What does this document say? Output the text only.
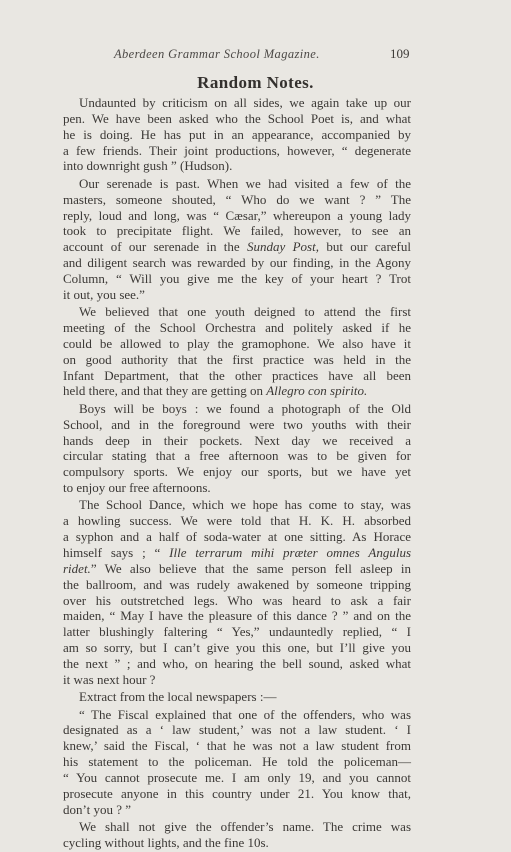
Aberdeen Grammar School Magazine.	109
Random Notes.
Undaunted by criticism on all sides, we again take up our
pen. We have been asked who the School Poet is, and what
he is doing. He has put in an appearance, accompanied by
a few friends. Their joint productions, however, “ degenerate
into downright gush ” (Hudson).
Our serenade is past. When we had visited a few of the
masters, someone shouted, “ Who do we want ? ” The
reply, loud and long, was “ Cæsar,” whereupon a young lady
took to precipitate flight. We failed, however, to see an
account of our serenade in the Sunday Post, but our careful
and diligent search was rewarded by our finding, in the Agony
Column, “ Will you give me the key of your heart ? Trot
it out, you see.”
We believed that one youth deigned to attend the first
meeting of the School Orchestra and politely asked if he
could be allowed to play the gramophone. We also have it
on good authority that the first practice was held in the
Infant Department, that the other practices have all been
held there, and that they are getting on Allegro con spirito.
Boys will be boys : we found a photograph of the Old
School, and in the foreground were two youths with their
hands deep in their pockets. Next day we received a
circular stating that a free afternoon was to be given for
compulsory sports. We enjoy our sports, but we have yet
to enjoy our free afternoons.
The School Dance, which we hope has come to stay, was
a howling success. We were told that H. K. H. absorbed
a syphon and a half of soda-water at one sitting. As Horace
himself says ; “ Ille terrarum mihi præter omnes Angulus
ridet.” We also believe that the same person fell asleep in
the ballroom, and was rudely awakened by someone tripping
over his outstretched legs. Who was heard to ask a fair
maiden, “ May I have the pleasure of this dance ? ” and on the
latter blushingly faltering “ Yes,” undauntedly replied, “ I
am so sorry, but I can’t give you this one, but I’ll give you
the next ” ; and who, on hearing the bell sound, asked what
it was next hour ?
Extract from the local newspapers :—
“ The Fiscal explained that one of the offenders, who was
designated as a ‘ law student,’ was not a law student. ‘ I
knew,’ said the Fiscal, ‘ that he was not a law student from
his statement to the policeman. He told the policeman—
“ You cannot prosecute me. I am only 19, and you cannot
prosecute anyone in this country under 21. You know that,
don’t you ? ”
We shall not give the offender’s name. The crime was
cycling without lights, and the fine 10s.
